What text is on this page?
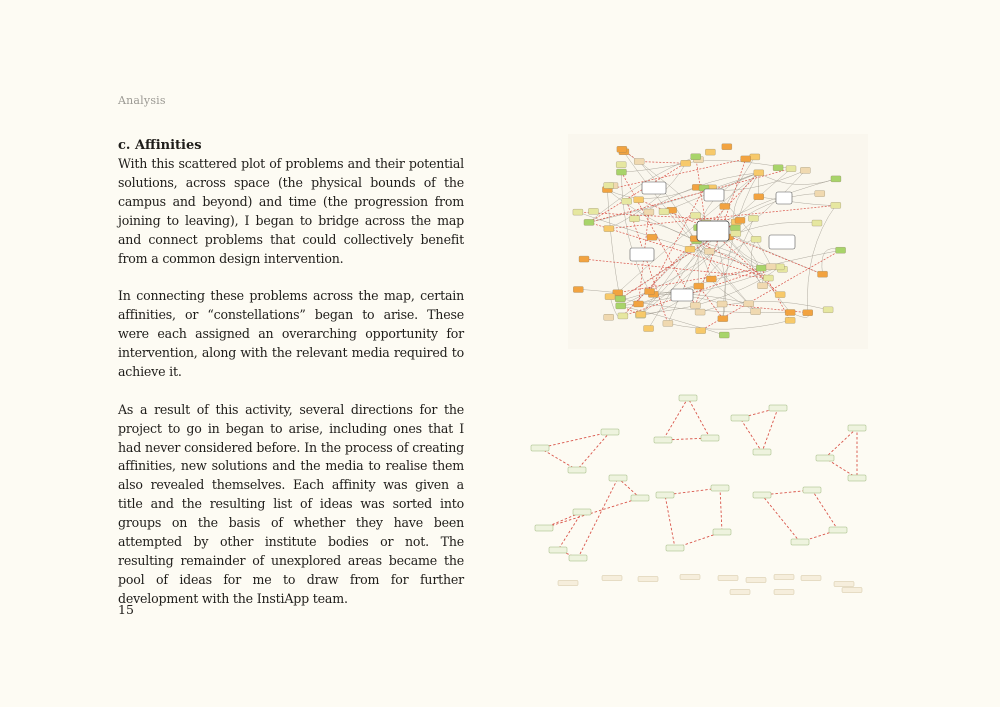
Analysis
c. Affinities

With this scattered plot of problems and their potential solutions, across space (the physical bounds of the campus and beyond) and time (the progression from joining to leaving), I began to bridge across the map and connect problems that could collectively benefit from a common design intervention.

In connecting these problems across the map, certain affinities, or “constellations” began to arise. These were each assigned an overarching opportunity for intervention, along with the relevant media required to achieve it.

As a result of this activity, several directions for the project to go in began to arise, including ones that I had never considered before. In the process of creating affinities, new solutions and the media to realise them also revealed themselves. Each affinity was given a title and the resulting list of ideas was sorted into groups on the basis of whether they have been attempted by other institute bodies or not. The resulting remainder of unexplored areas became the pool of ideas for me to draw from for further development with the InstiApp team.

15
